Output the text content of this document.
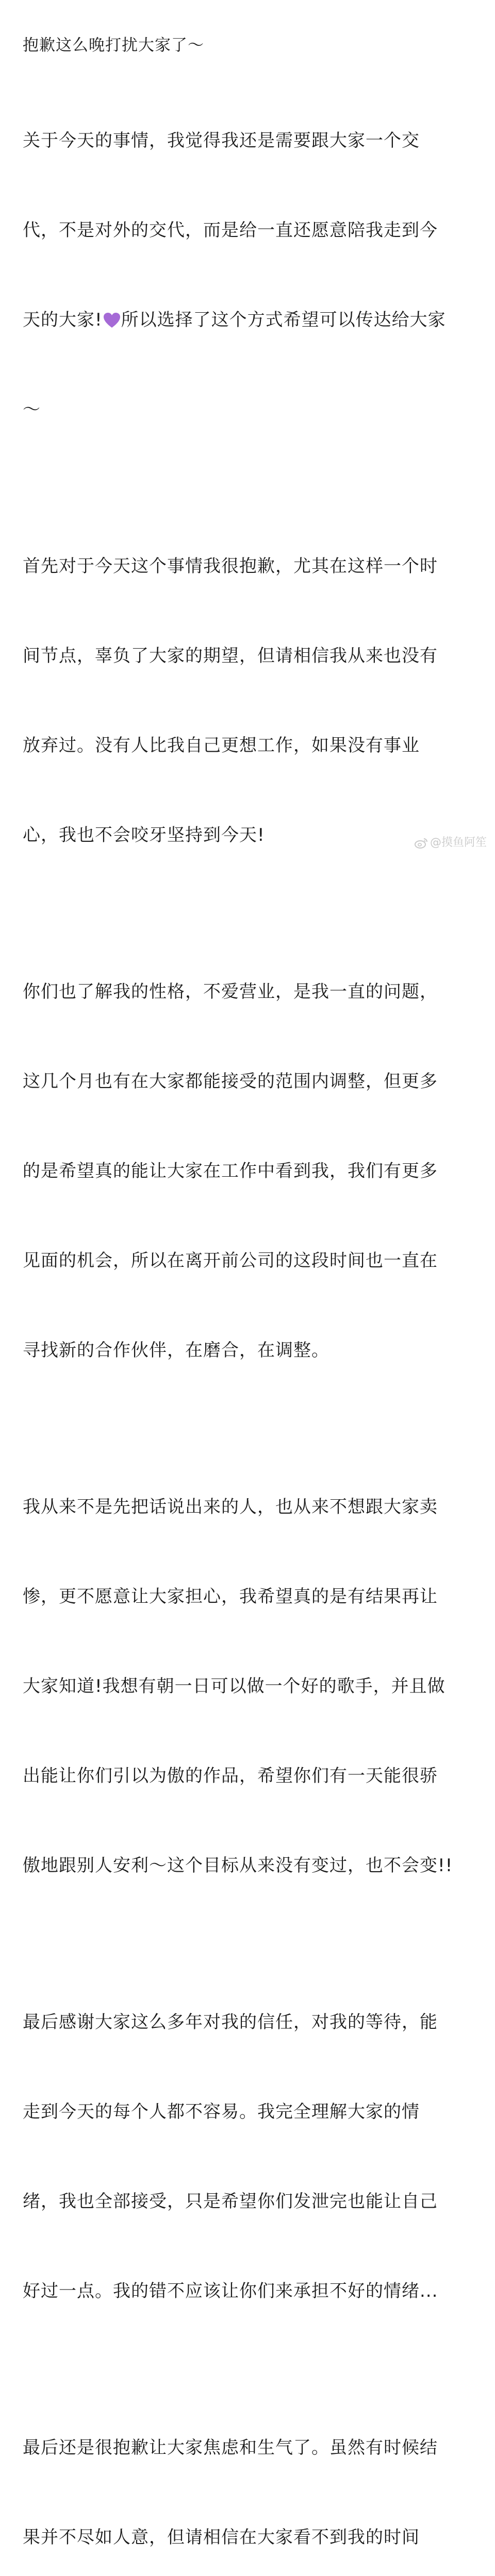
抱歉这么晚打扰大家了～

关于今天的事情，我觉得我还是需要跟大家一个交

代，不是对外的交代，而是给一直还愿意陪我走到今

天的大家! 所以选择了这个方式希望可以传达给大家

～

首先对于今天这个事情我很抱歉，尤其在这样一个时

间节点，辜负了大家的期望，但请相信我从来也没有

放弃过。没有人比我自己更想工作，如果没有事业

心，我也不会咬牙坚持到今天!

你们也了解我的性格，不爱营业，是我一直的问题，

这几个月也有在大家都能接受的范围内调整，但更多

的是希望真的能让大家在工作中看到我，我们有更多

见面的机会，所以在离开前公司的这段时间也一直在

寻找新的合作伙伴，在磨合，在调整。

我从来不是先把话说出来的人，也从来不想跟大家卖

惨，更不愿意让大家担心，我希望真的是有结果再让

大家知道!我想有朝一日可以做一个好的歌手，并且做

出能让你们引以为傲的作品，希望你们有一天能很骄

傲地跟别人安利～这个目标从来没有变过，也不会变!!

最后感谢大家这么多年对我的信任，对我的等待，能

走到今天的每个人都不容易。我完全理解大家的情

绪，我也全部接受，只是希望你们发泄完也能让自己

好过一点。我的错不应该让你们来承担不好的情绪...

最后还是很抱歉让大家焦虑和生气了。虽然有时候结

果并不尽如人意，但请相信在大家看不到我的时间

@摸鱼阿笙
